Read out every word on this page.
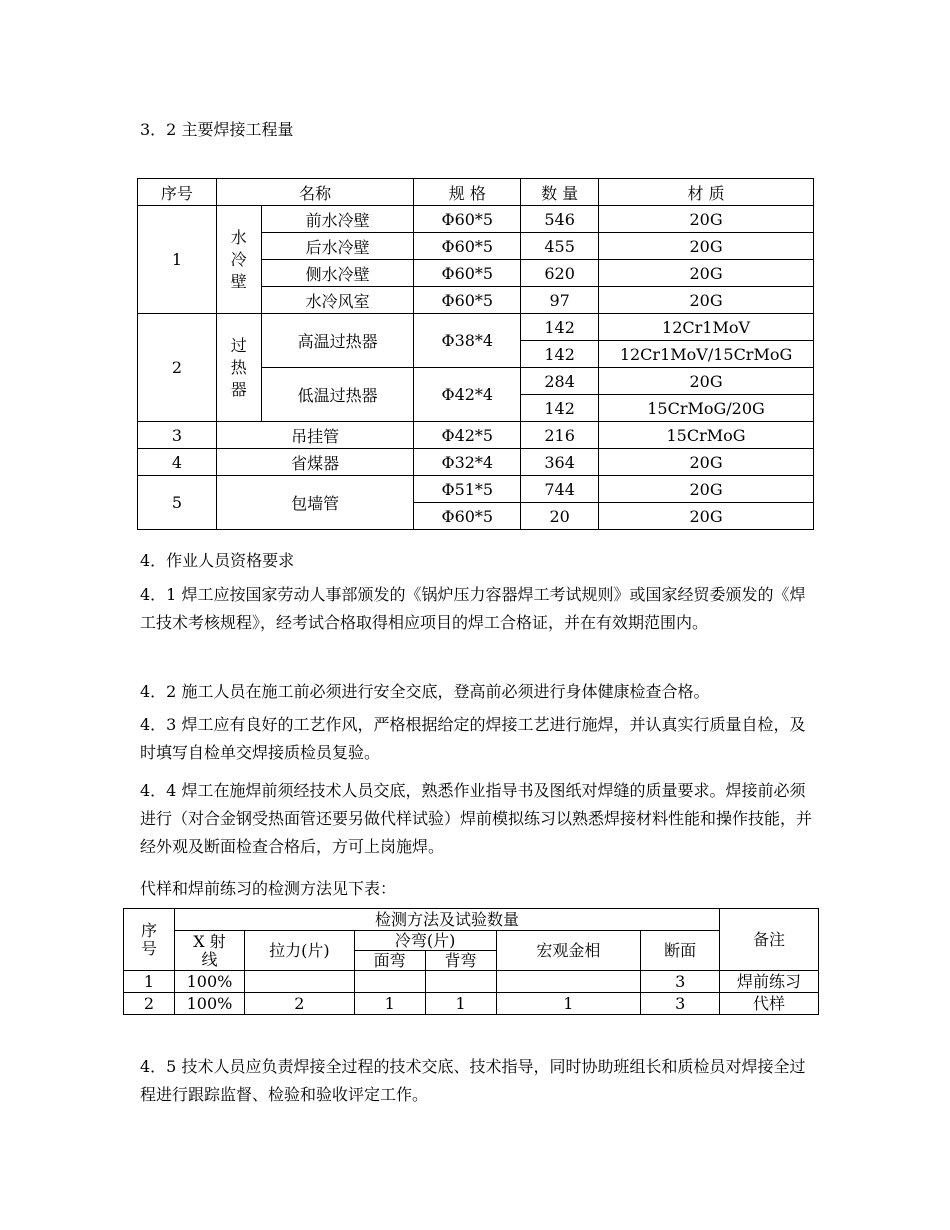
3．2 主要焊接工程量
序号	名称		规 格	数 量	材 质
1	水冷壁	前水冷壁	Φ60*5	546	20G
		后水冷壁	Φ60*5	455	20G
		侧水冷壁	Φ60*5	620	20G
		水冷风室	Φ60*5	97	20G
2	过热器	高温过热器	Φ38*4	142	12Cr1MoV
				142	12Cr1MoV/15CrMoG
		低温过热器	Φ42*4	284	20G
				142	15CrMoG/20G
3	吊挂管		Φ42*5	216	15CrMoG
4	省煤器		Φ32*4	364	20G
5	包墙管		Φ51*5	744	20G
			Φ60*5	20	20G
4．作业人员资格要求
4．1 焊工应按国家劳动人事部颁发的《锅炉压力容器焊工考试规则》或国家经贸委颁发的《焊工技术考核规程》，经考试合格取得相应项目的焊工合格证，并在有效期范围内。
4．2 施工人员在施工前必须进行安全交底，登高前必须进行身体健康检查合格。
4．3 焊工应有良好的工艺作风，严格根据给定的焊接工艺进行施焊，并认真实行质量自检，及时填写自检单交焊接质检员复验。
4．4 焊工在施焊前须经技术人员交底，熟悉作业指导书及图纸对焊缝的质量要求。焊接前必须进行（对合金钢受热面管还要另做代样试验）焊前模拟练习以熟悉焊接材料性能和操作技能，并经外观及断面检查合格后，方可上岗施焊。
代样和焊前练习的检测方法见下表：
序号	检测方法及试验数量						备注
	X 射线	拉力(片)	冷弯(片)		宏观金相	断面	
			面弯	背弯			
1	100%					3	焊前练习
2	100%	2	1	1	1	3	代样
4．5 技术人员应负责焊接全过程的技术交底、技术指导，同时协助班组长和质检员对焊接全过程进行跟踪监督、检验和验收评定工作。
